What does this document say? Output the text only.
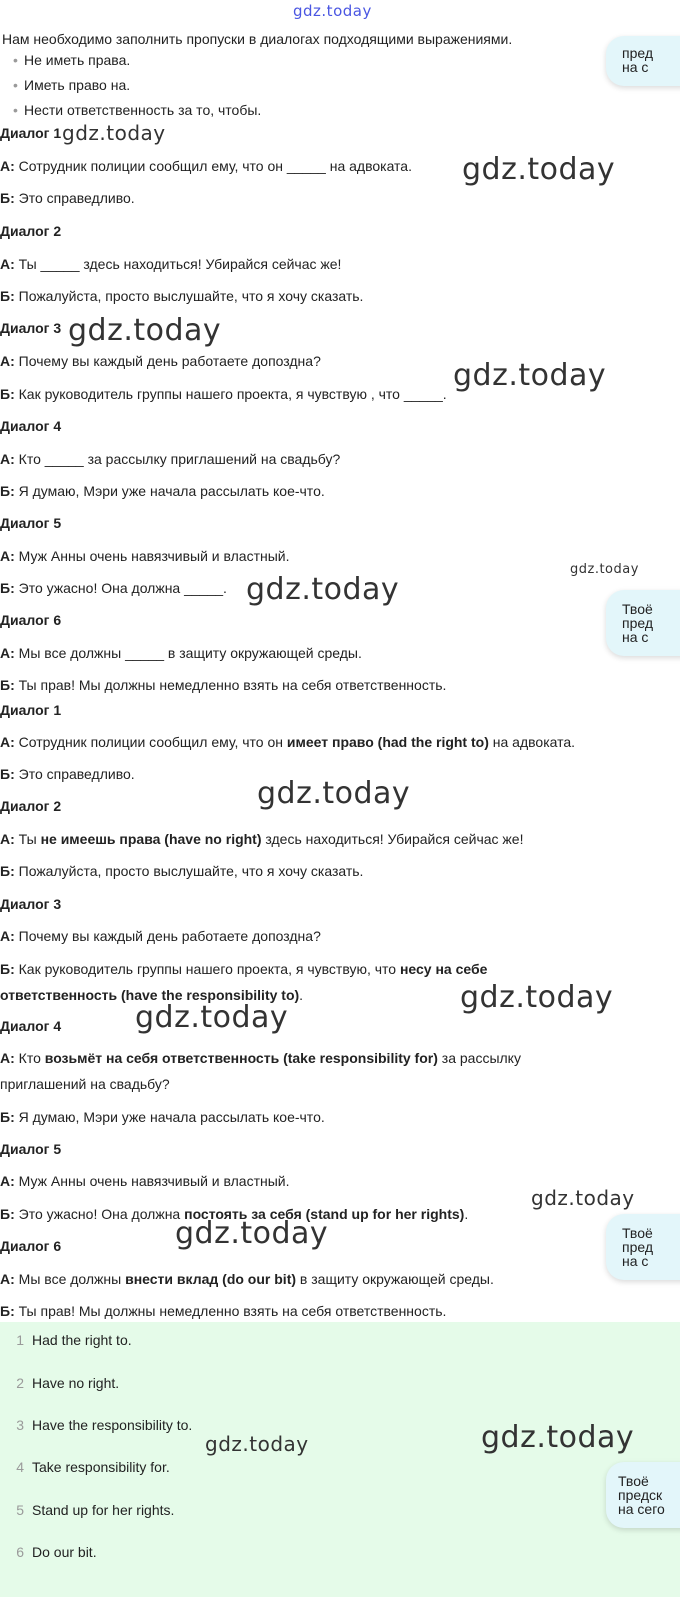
gdz.today
Нам необходимо заполнить пропуски в диалогах подходящими выражениями.
• Не иметь права.
• Иметь право на.
• Нести ответственность за то, чтобы.
пред
на с
Диалог 1 gdz.today
А: Сотрудник полиции сообщил ему, что он _____ на адвоката. gdz.today
Б: Это справедливо.
Диалог 2
А: Ты _____ здесь находиться! Убирайся сейчас же!
Б: Пожалуйста, просто выслушайте, что я хочу сказать.
Диалог 3 gdz.today
А: Почему вы каждый день работаете допоздна?	gdz.today
Б: Как руководитель группы нашего проекта, я чувствую , что _____.
Диалог 4
А: Кто _____ за рассылку приглашений на свадьбу?
Б: Я думаю, Мэри уже начала рассылать кое-что.
Диалог 5
А: Муж Анны очень навязчивый и властный.
gdz.today
Б: Это ужасно! Она должна _____. gdz.today
Твоё
пред
на с
Диалог 6
А: Мы все должны _____ в защиту окружающей среды.
Б: Ты прав! Мы должны немедленно взять на себя ответственность.
Диалог 1
А: Сотрудник полиции сообщил ему, что он имеет право (had the right to) на адвоката.
Б: Это справедливо.
Диалог 2	gdz.today
А: Ты не имеешь права (have no right) здесь находиться! Убирайся сейчас же!
Б: Пожалуйста, просто выслушайте, что я хочу сказать.
Диалог 3
А: Почему вы каждый день работаете допоздна?
Б: Как руководитель группы нашего проекта, я чувствую, что несу на себе
ответственность (have the responsibility to).	gdz.today
Диалог 4 gdz.today
А: Кто возьмёт на себя ответственность (take responsibility for) за рассылку
приглашений на свадьбу?
Б: Я думаю, Мэри уже начала рассылать кое-что.
Диалог 5
А: Муж Анны очень навязчивый и властный.
gdz.today
Б: Это ужасно! Она должна постоять за себя (stand up for her rights).
Твоё
пред
на с
Диалог 6	gdz.today
А: Мы все должны внести вклад (do our bit) в защиту окружающей среды.
Б: Ты прав! Мы должны немедленно взять на себя ответственность.
1 Had the right to.
2 Have no right.
3 Have the responsibility to.
4 Take responsibility for.
5 Stand up for her rights.
6 Do our bit.
gdz.today	gdz.today
Твоё
предск
на сего
